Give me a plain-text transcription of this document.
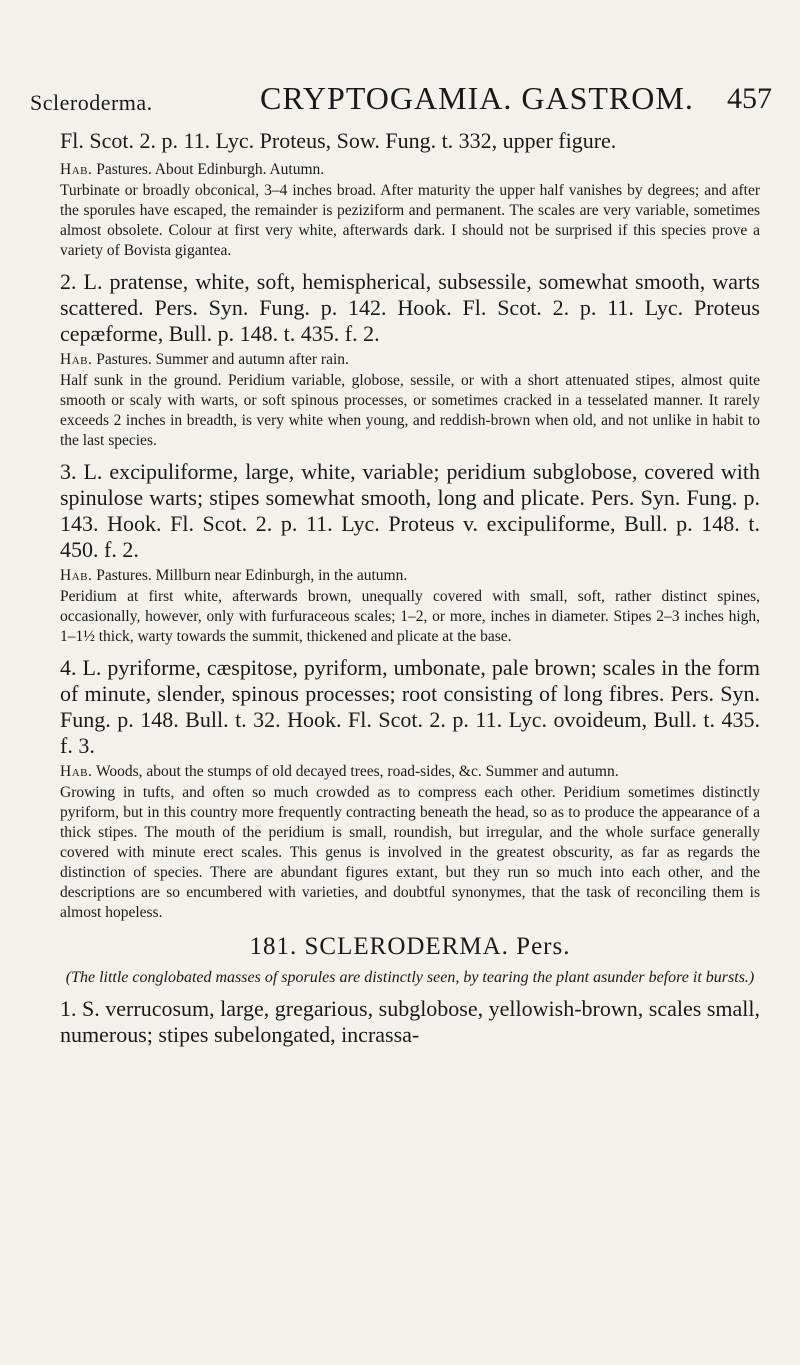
Scleroderma.	CRYPTOGAMIA. GASTROM. 457

Fl. Scot. 2. p. 11. Lyc. Proteus, Sow. Fung. t. 332, upper figure.

Hab. Pastures. About Edinburgh. Autumn.

Turbinate or broadly obconical, 3–4 inches broad. After maturity the upper half vanishes by degrees; and after the sporules have escaped, the remainder is peziziform and permanent. The scales are very variable, sometimes almost obsolete. Colour at first very white, afterwards dark. I should not be surprised if this species prove a variety of Bovista gigantea.

2. L. pratense, white, soft, hemispherical, subsessile, somewhat smooth, warts scattered. Pers. Syn. Fung. p. 142. Hook. Fl. Scot. 2. p. 11. Lyc. Proteus cepæforme, Bull. p. 148. t. 435. f. 2.

Hab. Pastures. Summer and autumn after rain.

Half sunk in the ground. Peridium variable, globose, sessile, or with a short attenuated stipes, almost quite smooth or scaly with warts, or soft spinous processes, or sometimes cracked in a tesselated manner. It rarely exceeds 2 inches in breadth, is very white when young, and reddish-brown when old, and not unlike in habit to the last species.

3. L. excipuliforme, large, white, variable; peridium subglobose, covered with spinulose warts; stipes somewhat smooth, long and plicate. Pers. Syn. Fung. p. 143. Hook. Fl. Scot. 2. p. 11. Lyc. Proteus v. excipuliforme, Bull. p. 148. t. 450. f. 2.

Hab. Pastures. Millburn near Edinburgh, in the autumn.

Peridium at first white, afterwards brown, unequally covered with small, soft, rather distinct spines, occasionally, however, only with furfuraceous scales; 1–2, or more, inches in diameter. Stipes 2–3 inches high, 1–1½ thick, warty towards the summit, thickened and plicate at the base.

4. L. pyriforme, cæspitose, pyriform, umbonate, pale brown; scales in the form of minute, slender, spinous processes; root consisting of long fibres. Pers. Syn. Fung. p. 148. Bull. t. 32. Hook. Fl. Scot. 2. p. 11. Lyc. ovoideum, Bull. t. 435. f. 3.

Hab. Woods, about the stumps of old decayed trees, road-sides, &c. Summer and autumn.

Growing in tufts, and often so much crowded as to compress each other. Peridium sometimes distinctly pyriform, but in this country more frequently contracting beneath the head, so as to produce the appearance of a thick stipes. The mouth of the peridium is small, roundish, but irregular, and the whole surface generally covered with minute erect scales. This genus is involved in the greatest obscurity, as far as regards the distinction of species. There are abundant figures extant, but they run so much into each other, and the descriptions are so encumbered with varieties, and doubtful synonymes, that the task of reconciling them is almost hopeless.

181. SCLERODERMA. Pers.

(The little conglobated masses of sporules are distinctly seen, by tearing the plant asunder before it bursts.)

1. S. verrucosum, large, gregarious, subglobose, yellowish-brown, scales small, numerous; stipes subelongated, incrassa-
